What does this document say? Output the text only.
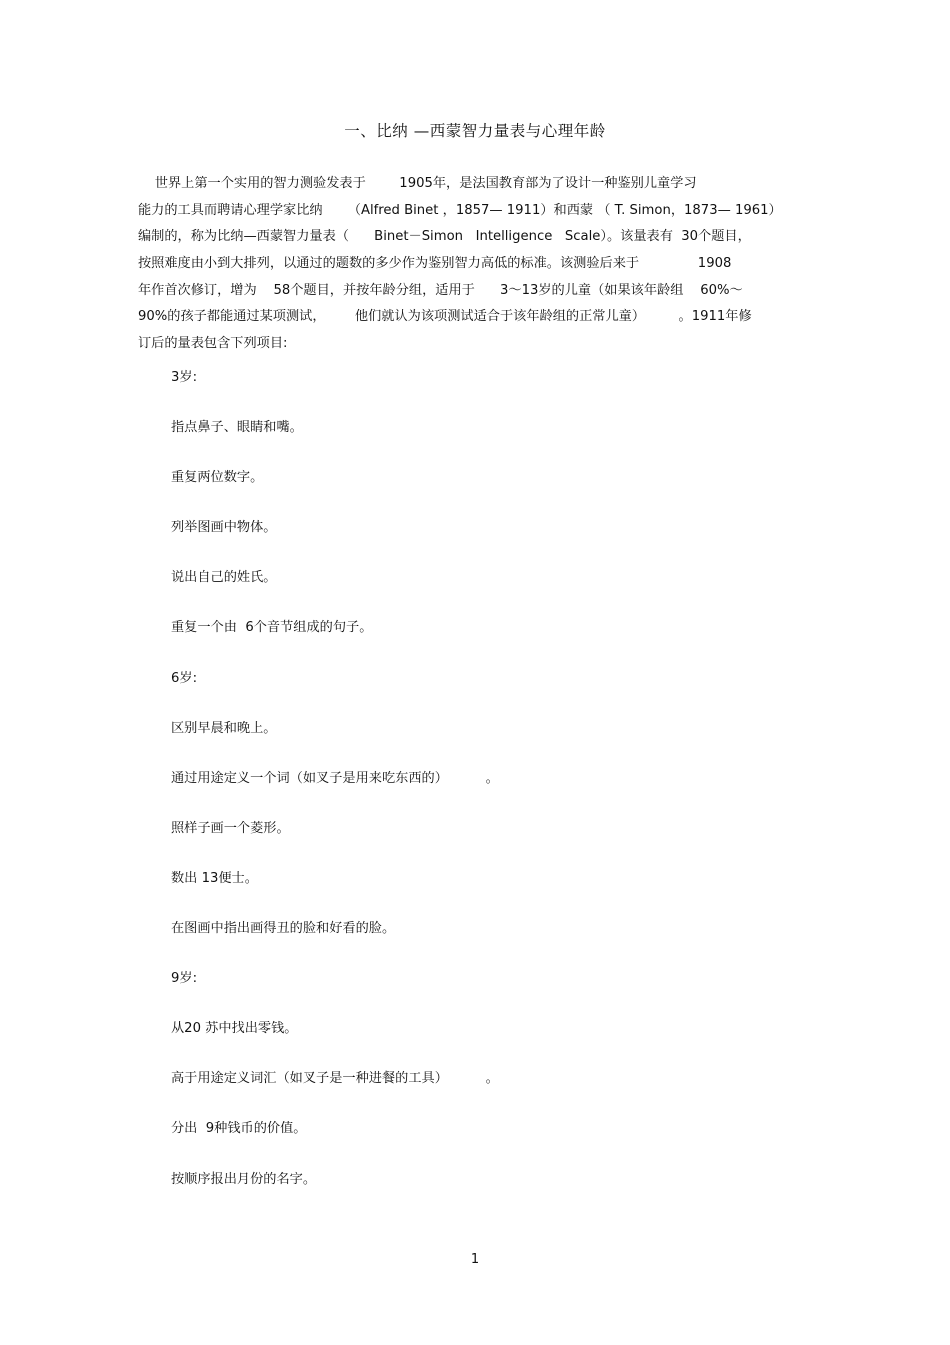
一、比纳 —西蒙智力量表与心理年龄
世界上第一个实用的智力测验发表于        1905年，是法国教育部为了设计一种鉴别儿童学习
能力的工具而聘请心理学家比纳      （Alfred Binet ，1857— 1911）和西蒙 （ T. Simon，1873— 1961）
编制的，称为比纳—西蒙智力量表（      Binet－Simon   Intelligence   Scale）。该量表有  30个题目，
按照难度由小到大排列，以通过的题数的多少作为鉴别智力高低的标准。该测验后来于              1908
年作首次修订，增为    58个题目，并按年龄分组，适用于      3～13岁的儿童（如果该年龄组    60%～
90%的孩子都能通过某项测试，       他们就认为该项测试适合于该年龄组的正常儿童）        。1911年修
订后的量表包含下列项目:
3岁:
指点鼻子、眼睛和嘴。
重复两位数字。
列举图画中物体。
说出自己的姓氏。
重复一个由  6个音节组成的句子。
6岁:
区别早晨和晚上。
通过用途定义一个词（如叉子是用来吃东西的）         。
照样子画一个菱形。
数出 13便士。
在图画中指出画得丑的脸和好看的脸。
9岁:
从20 苏中找出零钱。
高于用途定义词汇（如叉子是一种进餐的工具）         。
分出  9种钱币的价值。
按顺序报出月份的名字。
1
